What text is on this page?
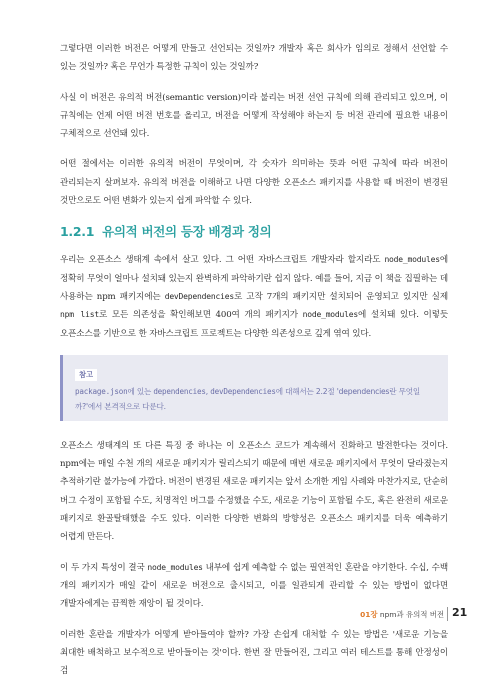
그렇다면 이러한 버전은 어떻게 만들고 선언되는 것일까? 개발자 혹은 회사가 임의로 정해서 선언할 수 있는 것일까? 혹은 무언가 특정한 규칙이 있는 것일까?

사실 이 버전은 유의적 버전(semantic version)이라 불리는 버전 선언 규칙에 의해 관리되고 있으며, 이 규칙에는 언제 어떤 버전 번호를 올리고, 버전을 어떻게 작성해야 하는지 등 버전 관리에 필요한 내용이 구체적으로 선언돼 있다.

어떤 절에서는 이러한 유의적 버전이 무엇이며, 각 숫자가 의미하는 뜻과 어떤 규칙에 따라 버전이 관리되는지 살펴보자. 유의적 버전을 이해하고 나면 다양한 오픈소스 패키지를 사용할 때 버전이 변경된 것만으로도 어떤 변화가 있는지 쉽게 파악할 수 있다.

1.2.1 유의적 버전의 등장 배경과 정의

우리는 오픈소스 생태계 속에서 살고 있다. 그 어떤 자바스크립트 개발자라 할지라도 node_modules에 정확히 무엇이 얼마나 설치돼 있는지 완벽하게 파악하기란 쉽지 않다. 예를 들어, 지금 이 책을 집필하는 데 사용하는 npm 패키지에는 devDependencies로 고작 7개의 패키지만 설치되어 운영되고 있지만 실제 npm list로 모든 의존성을 확인해보면 400여 개의 패키지가 node_modules에 설치돼 있다. 이렇듯 오픈소스를 기반으로 한 자바스크립트 프로젝트는 다양한 의존성으로 깊게 엮여 있다.

참고
package.json에 있는 dependencies, devDependencies에 대해서는 2.2절 'dependencies란 무엇일까?'에서 본격적으로 다룬다.

오픈소스 생태계의 또 다른 특징 중 하나는 이 오픈소스 코드가 계속해서 진화하고 발전한다는 것이다. npm에는 매일 수천 개의 새로운 패키지가 릴리스되기 때문에 매번 새로운 패키지에서 무엇이 달라졌는지 추적하기란 불가능에 가깝다. 버전이 변경된 새로운 패키지는 앞서 소개한 게임 사례와 마찬가지로, 단순히 버그 수정이 포함될 수도, 치명적인 버그를 수정했을 수도, 새로운 기능이 포함될 수도, 혹은 완전히 새로운 패키지로 환골탈태했을 수도 있다. 이러한 다양한 변화의 방향성은 오픈소스 패키지를 더욱 예측하기 어렵게 만든다.

이 두 가지 특성이 결국 node_modules 내부에 쉽게 예측할 수 없는 필연적인 혼란을 야기한다. 수십, 수백 개의 패키지가 매일 같이 새로운 버전으로 출시되고, 이를 일관되게 관리할 수 있는 방법이 없다면 개발자에게는 끔찍한 재앙이 될 것이다.

이러한 혼란을 개발자가 어떻게 받아들여야 할까? 가장 손쉽게 대처할 수 있는 방법은 '새로운 기능을 최대한 배척하고 보수적으로 받아들이는 것'이다. 한번 잘 만들어진, 그리고 여러 테스트를 통해 안정성이 검

01장 npm과 유의적 버전 21
